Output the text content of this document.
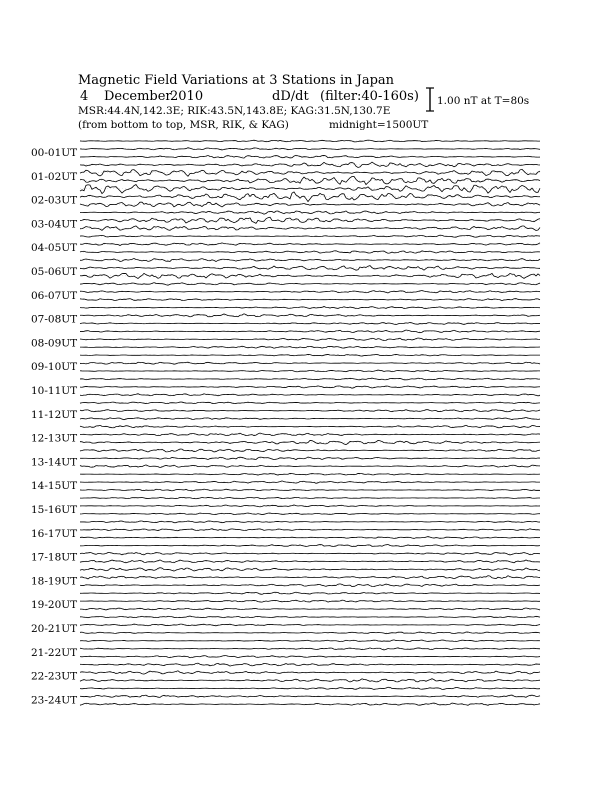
Magnetic Field Variations at 3 Stations in Japan
4 December
2010	dD/dt (filter:40-160s)
MSR:44.4N,142.3E; RIK:43.5N,143.8E; KAG:31.5N,130.7E
(from bottom to top, MSR, RIK, & KAG)	midnight=1500UT
1.00 nT at T=80s
00-01UT
01-02UT
02-03UT
03-04UT
04-05UT
05-06UT
06-07UT
07-08UT
08-09UT
09-10UT
10-11UT
11-12UT
12-13UT
13-14UT
14-15UT
15-16UT
16-17UT
17-18UT
18-19UT
19-20UT
20-21UT
21-22UT
22-23UT
23-24UT
